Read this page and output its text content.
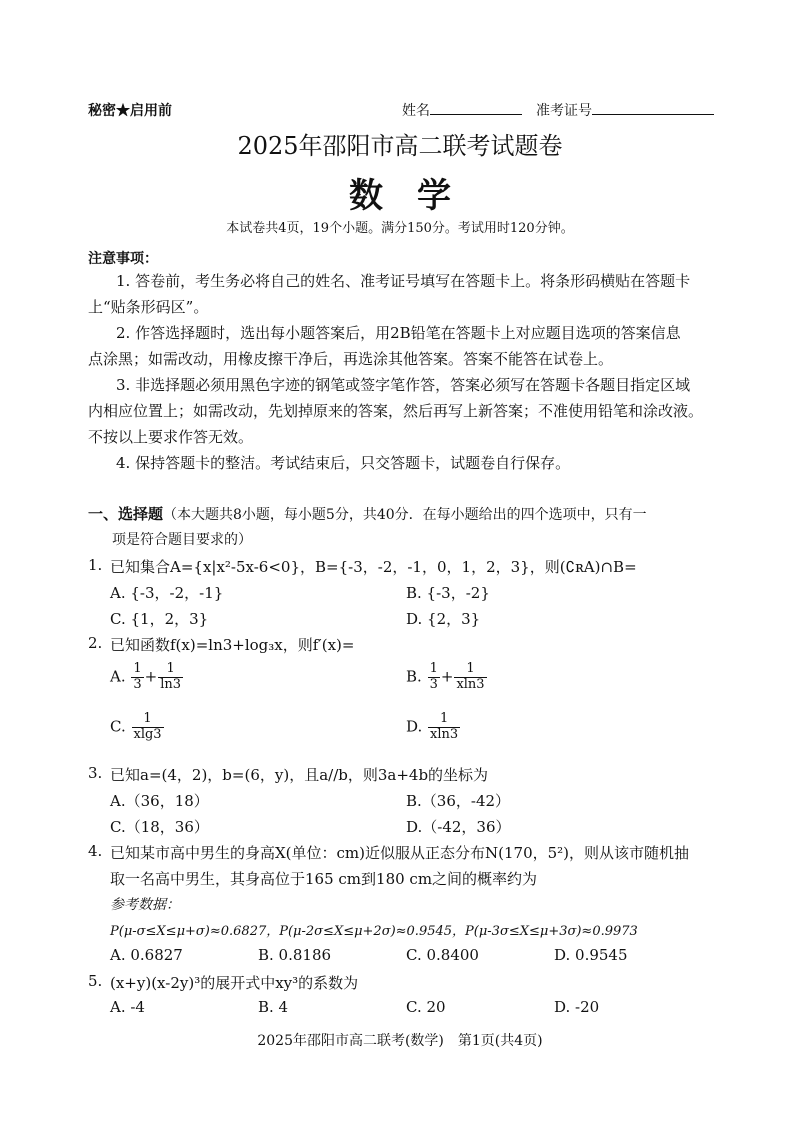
秘密★启用前	姓名	准考证号
2025年邵阳市高二联考试题卷
数　学
本试卷共4页，19个小题。满分150分。考试用时120分钟。
注意事项：
1. 答卷前，考生务必将自己的姓名、准考证号填写在答题卡上。将条形码横贴在答题卡
上“贴条形码区”。
2. 作答选择题时，选出每小题答案后，用2B铅笔在答题卡上对应题目选项的答案信息
点涂黑；如需改动，用橡皮擦干净后，再选涂其他答案。答案不能答在试卷上。
3. 非选择题必须用黑色字迹的钢笔或签字笔作答，答案必须写在答题卡各题目指定区域
内相应位置上；如需改动，先划掉原来的答案，然后再写上新答案；不准使用铅笔和涂改液。
不按以上要求作答无效。
4. 保持答题卡的整洁。考试结束后，只交答题卡，试题卷自行保存。
一、选择题（本大题共8小题，每小题5分，共40分．在每小题给出的四个选项中，只有一
项是符合题目要求的）
1. 已知集合A={x|x²-5x-6<0}，B={-3，-2，-1，0，1，2，3}，则(∁ʀA)∩B=
A. {-3，-2，-1}	B. {-3，-2}
C. {1，2，3}	D. {2，3}
2. 已知函数f(x)=ln3+log₃x，则f′(x)=
A. $\frac{1}{3} + \frac{1}{\ln 3}$	B. $\frac{1}{3} + \frac{1}{xln3}$
C. $\frac{1}{xlg3}$	D. $\frac{1}{xln3}$
3. 已知a=(4，2)，b=(6，y)，且a//b，则3a+4b的坐标为
A.（36，18）	B.（36，-42）
C.（18，36）	D.（-42，36）
4. 已知某市高中男生的身高X(单位：cm)近似服从正态分布N(170，5²)，则从该市随机抽
取一名高中男生，其身高位于165 cm到180 cm之间的概率约为
参考数据：
P(μ-σ≤X≤μ+σ)≈0.6827，P(μ-2σ≤X≤μ+2σ)≈0.9545，P(μ-3σ≤X≤μ+3σ)≈0.9973
A. 0.6827	B. 0.8186	C. 0.8400	D. 0.9545
5. (x+y)(x-2y)³的展开式中xy³的系数为
A. -4	B. 4	C. 20	D. -20
2025年邵阳市高二联考(数学)　第1页(共4页)
